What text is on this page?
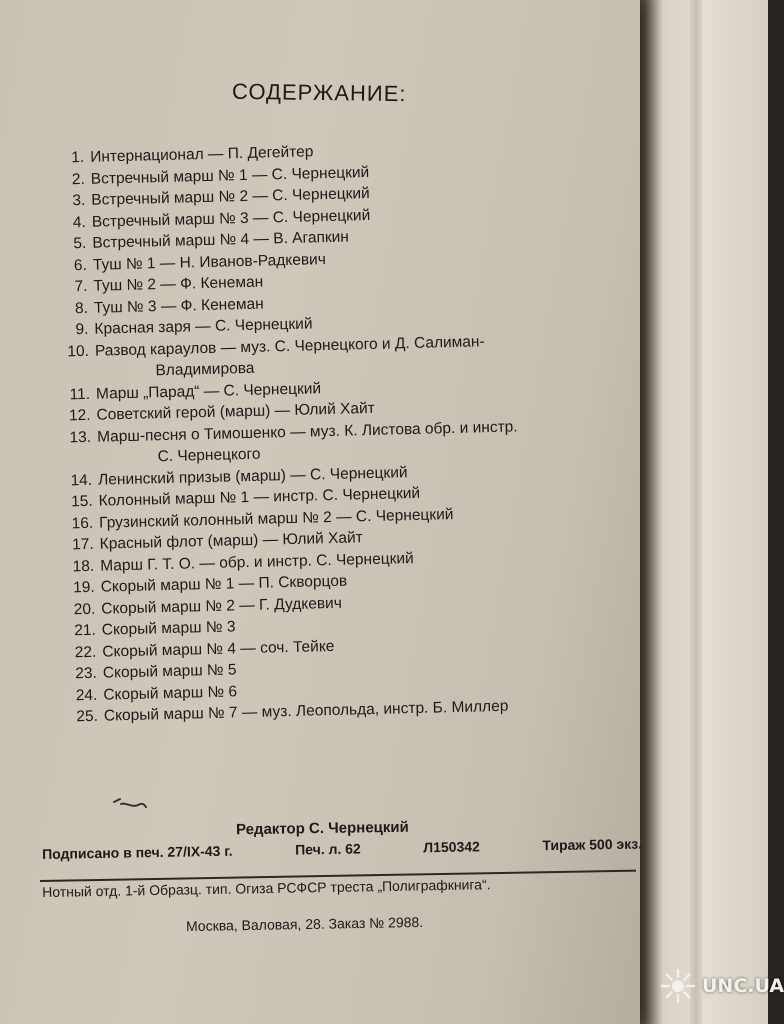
СОДЕРЖАНИЕ:
1. Интернационал — П. Дегейтер
2. Встречный марш № 1 — С. Чернецкий
3. Встречный марш № 2 — С. Чернецкий
4. Встречный марш № 3 — С. Чернецкий
5. Встречный марш № 4 — В. Агапкин
6. Туш № 1 — Н. Иванов-Радкевич
7. Туш № 2 — Ф. Кенеман
8. Туш № 3 — Ф. Кенеман
9. Красная заря — С. Чернецкий
10. Развод караулов — муз. С. Чернецкого и Д. Салиман-
Владимирова
11. Марш „Парад“ — С. Чернецкий
12. Советский герой (марш) — Юлий Хайт
13. Марш-песня о Тимошенко — муз. К. Листова обр. и инстр.
С. Чернецкого
14. Ленинский призыв (марш) — С. Чернецкий
15. Колонный марш № 1 — инстр. С. Чернецкий
16. Грузинский колонный марш № 2 — С. Чернецкий
17. Красный флот (марш) — Юлий Хайт
18. Марш Г. Т. О. — обр. и инстр. С. Чернецкий
19. Скорый марш № 1 — П. Скворцов
20. Скорый марш № 2 — Г. Дудкевич
21. Скорый марш № 3
22. Скорый марш № 4 — соч. Тейке
23. Скорый марш № 5
24. Скорый марш № 6
25. Скорый марш № 7 — муз. Леопольда, инстр. Б. Миллер
Редактор С. Чернецкий
Подписано в печ. 27/IX-43 г.	Печ. л. 62	Л150342	Тираж 500 экз.
Нотный отд. 1-й Образц. тип. Огиза РСФСР треста „Полиграфкнига“.
Москва, Валовая, 28. Заказ № 2988.
UNC.UA
